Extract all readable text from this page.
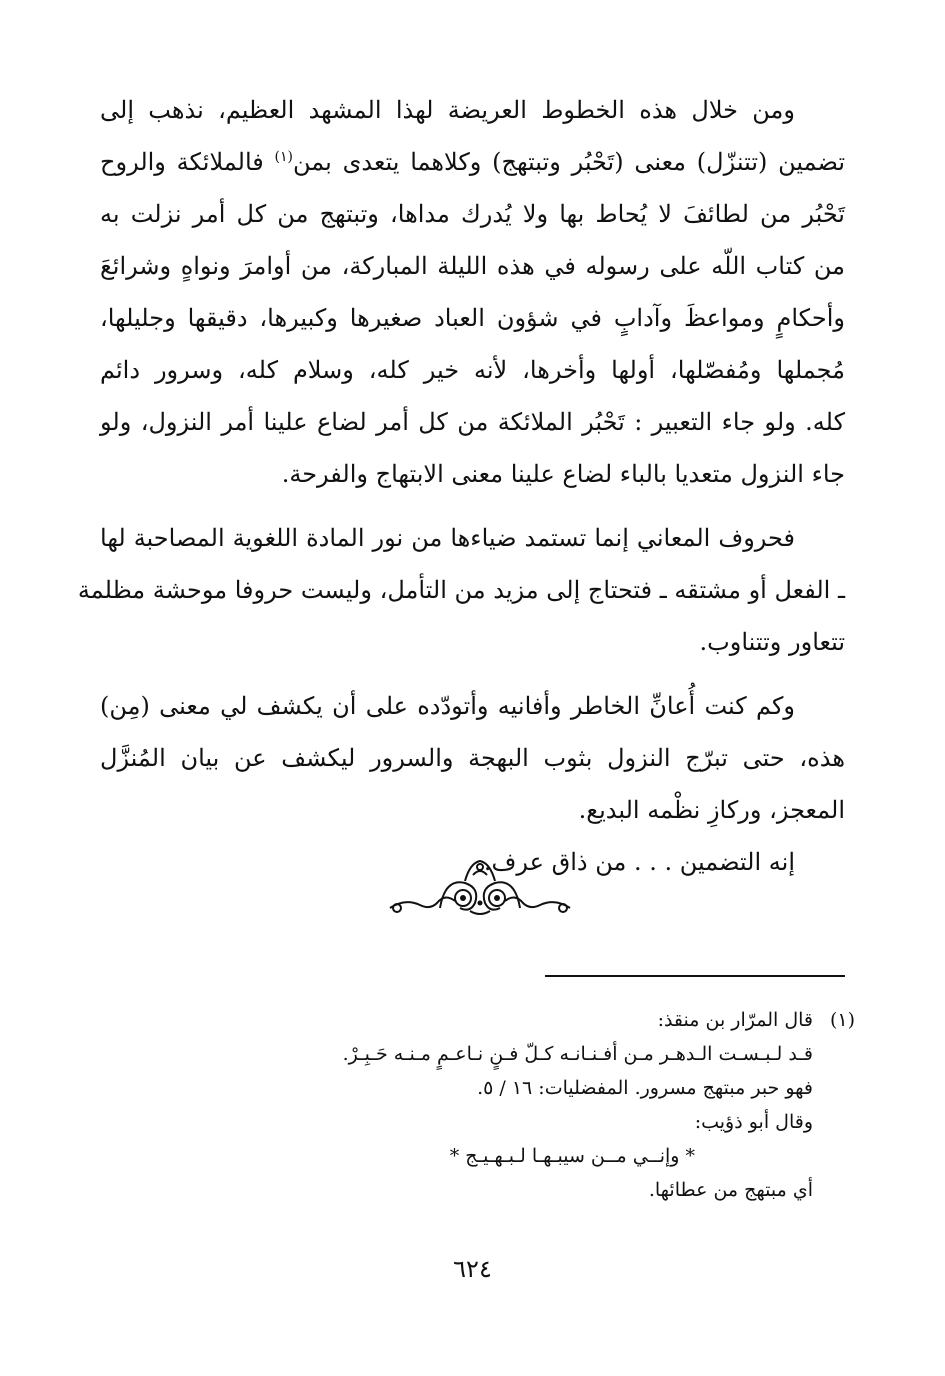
ومن خلال هذه الخطوط العريضة لهذا المشهد العظيم، نذهب إلى
تضمين (تتنزّل) معنى (تَحْبُر وتبتهج) وكلاهما يتعدى بمن$^{(١)}$ فالملائكة والروح
تَحْبُر من لطائفَ لا يُحاط بها ولا يُدرك مداها، وتبتهج من كل أمر نزلت به
من كتاب اللّه على رسوله في هذه الليلة المباركة، من أوامرَ ونواهٍ وشرائعَ
وأحكامٍ ومواعظَ وآدابٍ في شؤون العباد صغيرها وكبيرها، دقيقها وجليلها،
مُجملها ومُفصّلها، أولها وأخرها، لأنه خير كله، وسلام كله، وسرور دائم
كله. ولو جاء التعبير : تَحْبُر الملائكة من كل أمر لضاع علينا أمر النزول، ولو
جاء النزول متعديا بالباء لضاع علينا معنى الابتهاج والفرحة.
فحروف المعاني إنما تستمد ضياءها من نور المادة اللغوية المصاحبة لها
ـ الفعل أو مشتقه ـ فتحتاج إلى مزيد من التأمل، وليست حروفا موحشة مظلمة
تتعاور وتتناوب.
وكم كنت أُعانِّ الخاطر وأفانيه وأتودّده على أن يكشف لي معنى (مِن)
هذه، حتى تبرّج النزول بثوب البهجة والسرور ليكشف عن بيان المُنزَّل
المعجز، وركازِ نظْمه البديع.
إنه التضمين . . . من ذاق عرف.
(١)قال المرّار بن منقذ:
قـد لـبـسـت الـدهـر مـن أفـنـانـه كـلّ فـنٍ نـاعـمٍ مـنـه حَـبِـرْ.
فهو حبر مبتهج مسرور. المفضليات: ١٦ / ٥.
وقال أبو ذؤيب:
* وإنــي مــن سيبـهـا لـبـهـيـج *
أي مبتهج من عطائها.
٦٢٤
